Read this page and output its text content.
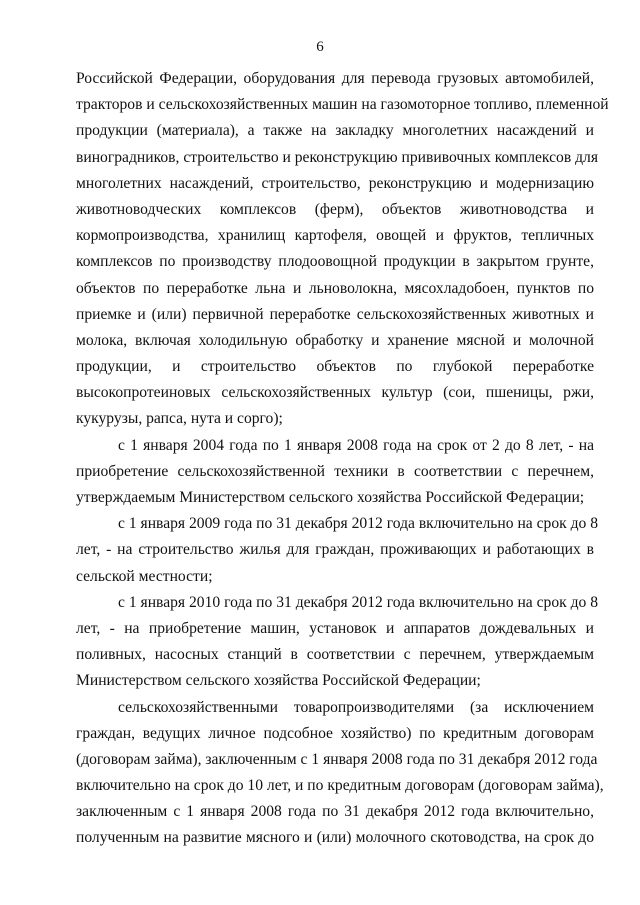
6
Российской Федерации, оборудования для перевода грузовых автомобилей,
тракторов и сельскохозяйственных машин на газомоторное топливо, племенной
продукции (материала), а также на закладку многолетних насаждений и
виноградников, строительство и реконструкцию прививочных комплексов для
многолетних насаждений, строительство, реконструкцию и модернизацию
животноводческих комплексов (ферм), объектов животноводства и
кормопроизводства, хранилищ картофеля, овощей и фруктов, тепличных
комплексов по производству плодоовощной продукции в закрытом грунте,
объектов по переработке льна и льноволокна, мясохладобоен, пунктов по
приемке и (или) первичной переработке сельскохозяйственных животных и
молока, включая холодильную обработку и хранение мясной и молочной
продукции, и строительство объектов по глубокой переработке
высокопротеиновых сельскохозяйственных культур (сои, пшеницы, ржи,
кукурузы, рапса, нута и сорго);
с 1 января 2004 года по 1 января 2008 года на срок от 2 до 8 лет, - на
приобретение сельскохозяйственной техники в соответствии с перечнем,
утверждаемым Министерством сельского хозяйства Российской Федерации;
с 1 января 2009 года по 31 декабря 2012 года включительно на срок до 8
лет, - на строительство жилья для граждан, проживающих и работающих в
сельской местности;
с 1 января 2010 года по 31 декабря 2012 года включительно на срок до 8
лет, - на приобретение машин, установок и аппаратов дождевальных и
поливных, насосных станций в соответствии с перечнем, утверждаемым
Министерством сельского хозяйства Российской Федерации;
сельскохозяйственными товаропроизводителями (за исключением
граждан, ведущих личное подсобное хозяйство) по кредитным договорам
(договорам займа), заключенным с 1 января 2008 года по 31 декабря 2012 года
включительно на срок до 10 лет, и по кредитным договорам (договорам займа),
заключенным с 1 января 2008 года по 31 декабря 2012 года включительно,
полученным на развитие мясного и (или) молочного скотоводства, на срок до
